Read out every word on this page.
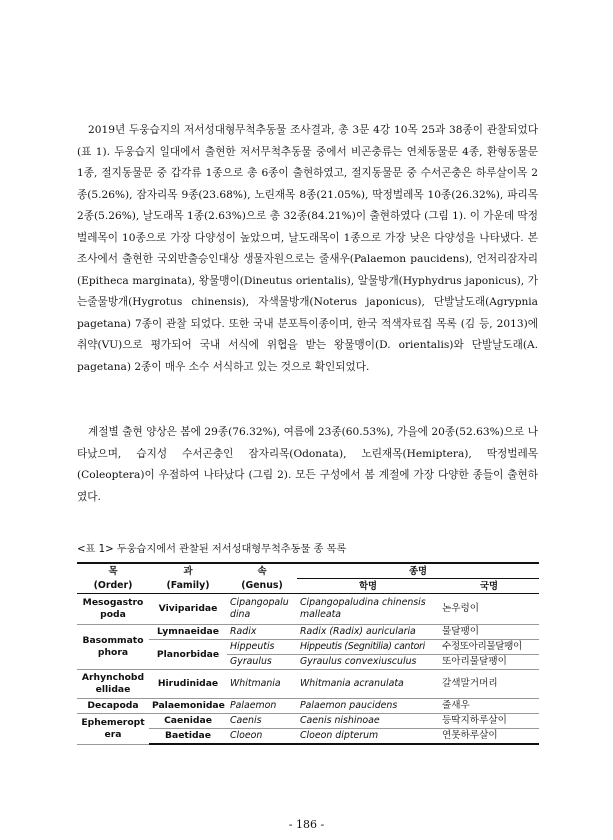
2019년 두웅습지의 저서성대형무척추동물 조사결과, 총 3문 4강 10목 25과 38종이 관찰되었다 (표 1). 두웅습지 일대에서 출현한 저서무척추동물 중에서 비곤충류는 연체동물문 4종, 환형동물문 1종, 절지동물문 중 갑각류 1종으로 총 6종이 출현하였고, 절지동물문 중 수서곤충은 하루살이목 2종(5.26%), 잠자리목 9종(23.68%), 노린재목 8종(21.05%), 딱정벌레목 10종(26.32%), 파리목 2종(5.26%), 날도래목 1종(2.63%)으로 총 32종(84.21%)이 출현하였다 (그림 1). 이 가운데 딱정벌레목이 10종으로 가장 다양성이 높았으며, 날도래목이 1종으로 가장 낮은 다양성을 나타냈다. 본 조사에서 출현한 국외반출승인대상 생물자원으로는 줄새우(Palaemon paucidens), 언저리잠자리(Epitheca marginata), 왕물맹이(Dineutus orientalis), 알물방개(Hyphydrus japonicus), 가는줄물방개(Hygrotus chinensis), 자색물방개(Noterus japonicus), 단발날도래(Agrypnia pagetana) 7종이 관찰 되었다. 또한 국내 분포특이종이며, 한국 적색자료집 목록 (김 등, 2013)에 취약(VU)으로 평가되어 국내 서식에 위협을 받는 왕물맹이(D. orientalis)와 단발날도래(A. pagetana) 2종이 매우 소수 서식하고 있는 것으로 확인되었다.

계절별 출현 양상은 봄에 29종(76.32%), 여름에 23종(60.53%), 가을에 20종(52.63%)으로 나타났으며, 습지성 수서곤충인 잠자리목(Odonata), 노린재목(Hemiptera), 딱정벌레목(Coleoptera)이 우점하여 나타났다 (그림 2). 모든 구성에서 봄 계절에 가장 다양한 종들이 출현하였다.

<표 1> 두웅습지에서 관찰된 저서성대형무척추동물 종 목록
목	과	속	종명	
(Order)	(Family)	(Genus)	학명	국명
Mesogastropoda	Viviparidae	Cipangopaludina	Cipangopaludina chinensis malleata	논우렁이
Basommatophora	Lymnaeidae	Radix	Radix (Radix) auricularia	물달팽이
	Planorbidae	Hippeutis	Hippeutis (Segnitilia) cantori	수정또아리물달팽이
		Gyraulus	Gyraulus convexiusculus	또아리물달팽이
Arhynchobdellidae	Hirudinidae	Whitmania	Whitmania acranulata	갈색말거머리
Decapoda	Palaemonidae	Palaemon	Palaemon paucidens	줄새우
Ephemeroptera	Caenidae	Caenis	Caenis nishinoae	등딱지하루살이
	Baetidae	Cloeon	Cloeon dipterum	연못하루살이
- 186 -
